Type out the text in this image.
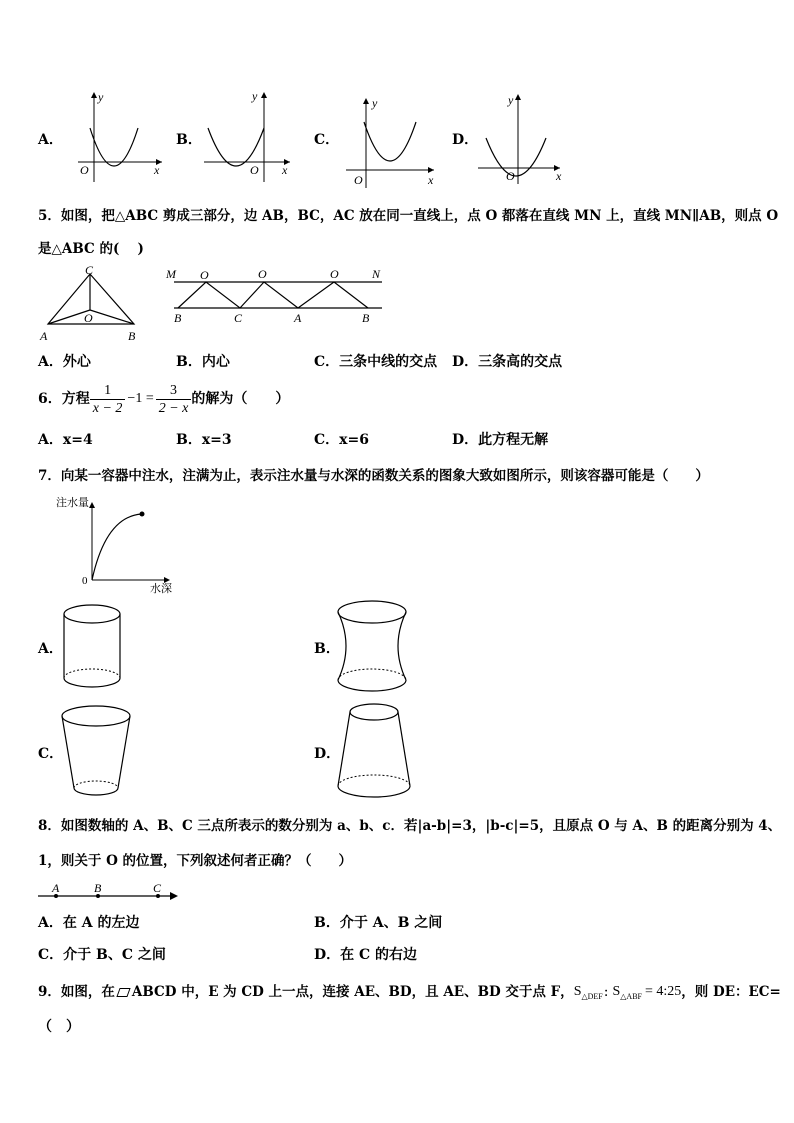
A．
y
x
O
B．
y
x
O
C．
y
x
O
D．
y
x
O
5．如图，把△ABC 剪成三部分，边 AB，BC，AC 放在同一直线上，点 O 都落在直线 MN 上，直线 MN∥AB，则点 O
是△ABC 的(　 )
C
A	B
O
M O	O	O	N
B	C	A	B
A．外心	B．内心	C．三条中线的交点 D．三条高的交点
6．方程 $\frac{1}{x - 2} -1 = \frac{3}{2 - x}$ 的解为（　　）
A．x=4	B．x=3	C．x=6	D．此方程无解
7．向某一容器中注水，注满为止，表示注水量与水深的函数关系的图象大致如图所示，则该容器可能是（　　）
注水量
水深
0
A．	B．
C．	D．
8．如图数轴的 A、B、C 三点所表示的数分别为 a、b、c．若|a-b|=3，|b-c|=5，且原点 O 与 A、B 的距离分别为 4、
1，则关于 O 的位置，下列叙述何者正确？（　　）
A	B	C
A．在 A 的左边	B．介于 A、B 之间
C．介于 B、C 之间	D．在 C 的右边
9．如图，在 ABCD 中，E 为 CD 上一点，连接 AE、BD，且 AE、BD 交于点 F， $S_{\triangle DEF}$ : $S_{\triangle ABF}$ = 4:25 ，则 DE：EC=
（　）
